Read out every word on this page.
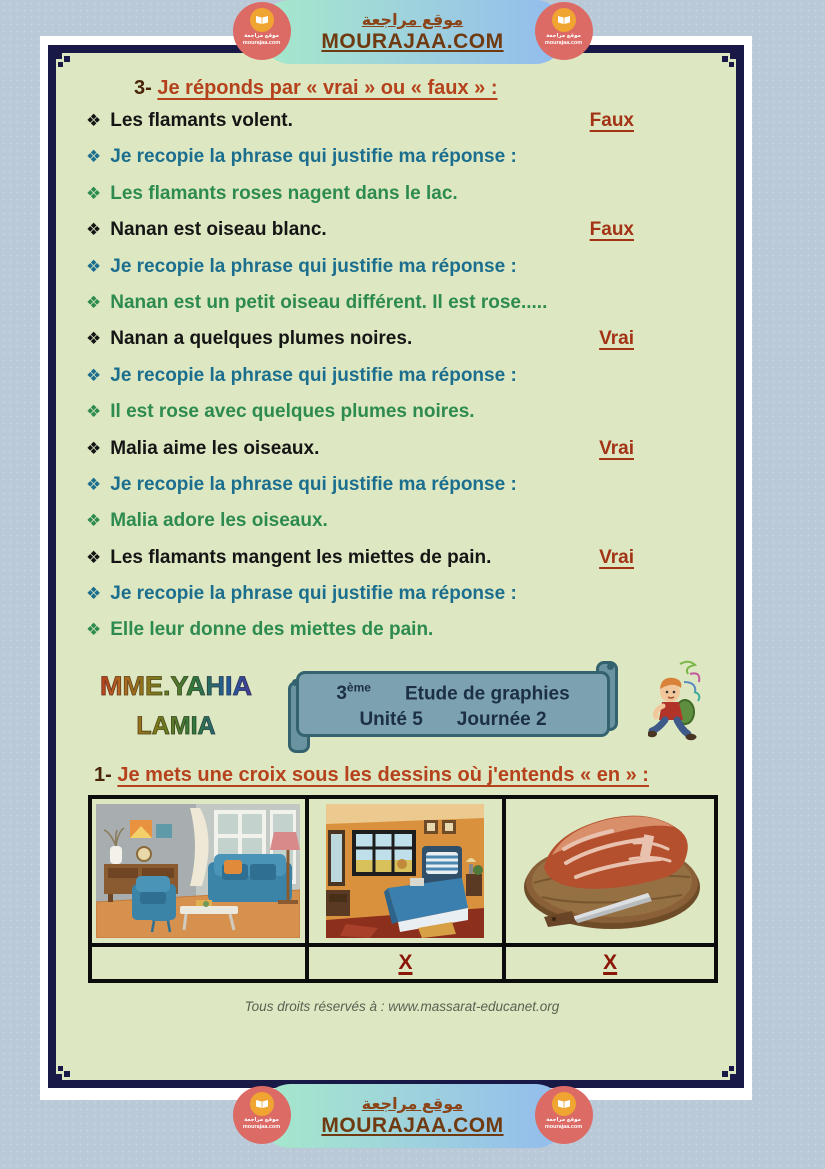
3- Je réponds par « vrai » ou « faux » :
❖ Les flamants volent.	Faux
❖ Je recopie la phrase qui justifie ma réponse :
❖ Les flamants roses nagent dans le lac.
❖ Nanan est oiseau blanc.	Faux
❖ Je recopie la phrase qui justifie ma réponse :
❖ Nanan est un petit oiseau différent. Il est rose.....
❖ Nanan a quelques plumes noires.	Vrai
❖ Je recopie la phrase qui justifie ma réponse :
❖ Il est rose avec quelques plumes noires.
❖ Malia aime les oiseaux.	Vrai
❖ Je recopie la phrase qui justifie ma réponse :
❖ Malia adore les oiseaux.
❖ Les flamants mangent les miettes de pain.	Vrai
❖ Je recopie la phrase qui justifie ma réponse :
❖ Elle leur donne des miettes de pain.
MME.YAHIA
LAMIA
3ème Etude de graphies
Unité 5 Journée 2
1- Je mets une croix sous les dessins où j'entends « en » :

	X	X
Tous droits réservés à : www.massarat-educanet.org
موقع مراجعة
MOURAJAA.COM
موقع مراجعة
mourajaa.com
موقع مراجعة
mourajaa.com
موقع مراجعة
MOURAJAA.COM
موقع مراجعة
mourajaa.com
موقع مراجعة
mourajaa.com
